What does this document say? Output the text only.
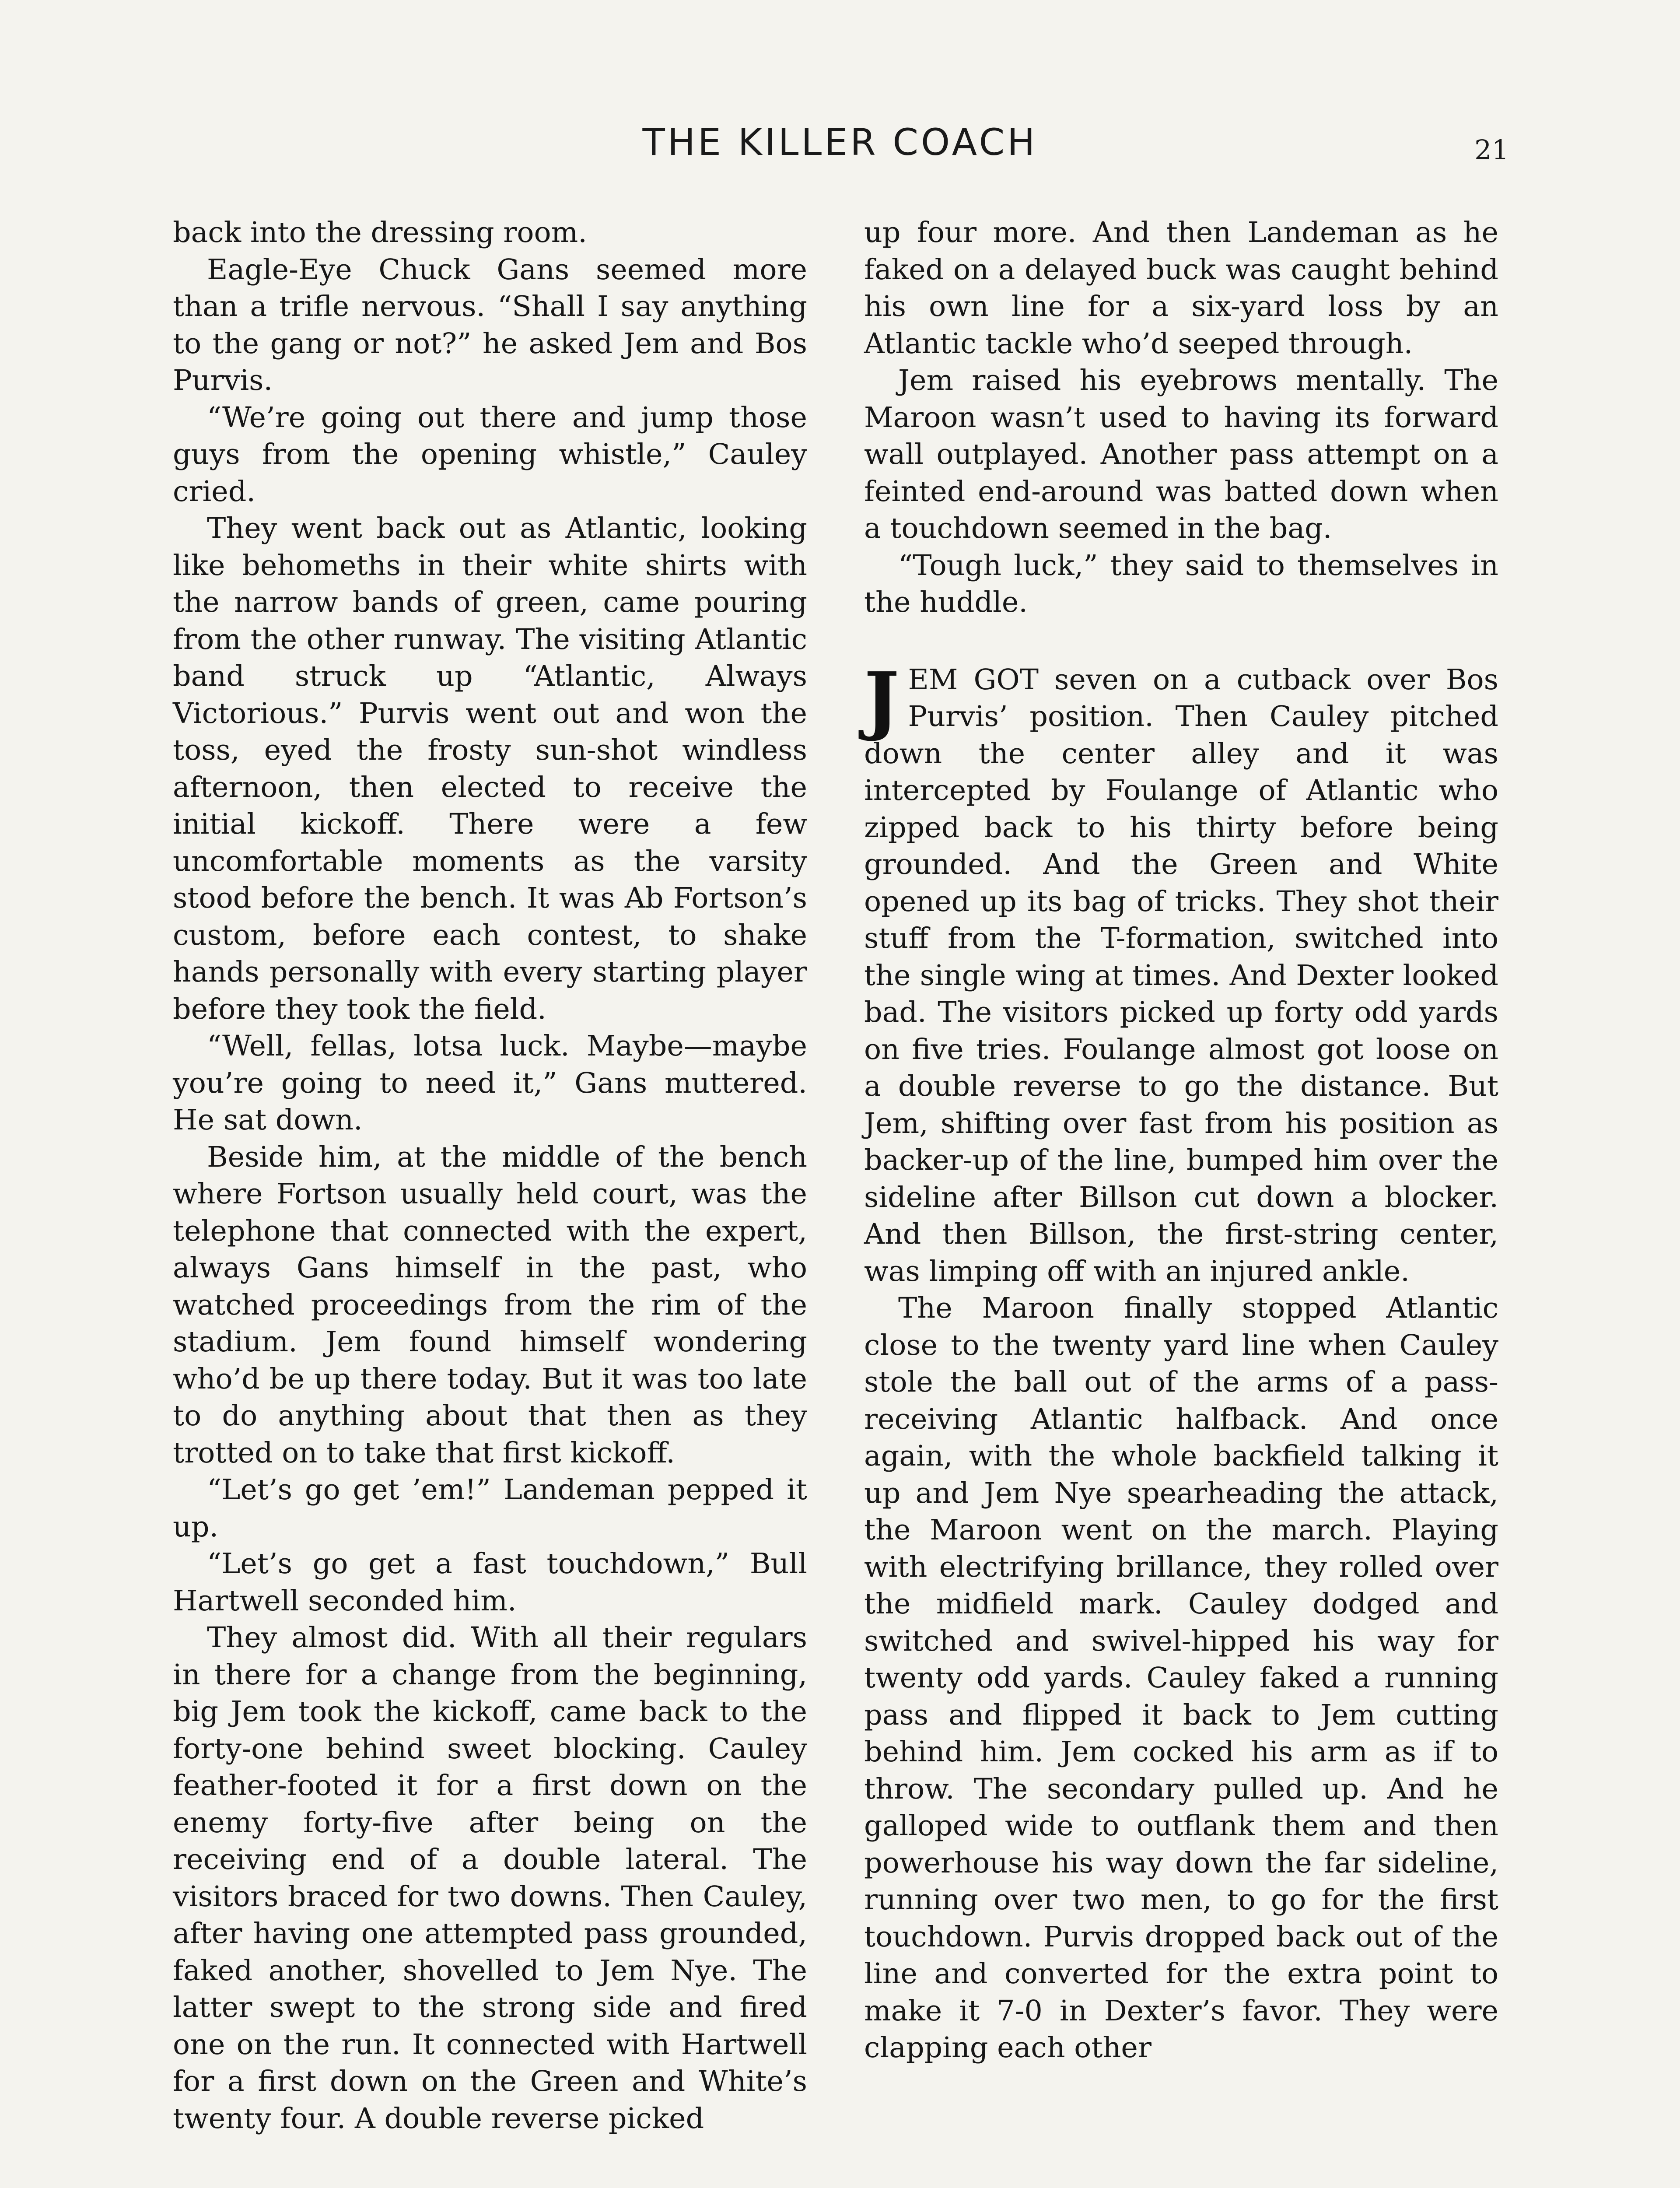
THE KILLER COACH	21

back into the dressing room.

Eagle-Eye Chuck Gans seemed more than a trifle nervous. “Shall I say anything to the gang or not?” he asked Jem and Bos Purvis.

“We’re going out there and jump those guys from the opening whistle,” Cauley cried.

They went back out as Atlantic, looking like behomeths in their white shirts with the narrow bands of green, came pouring from the other runway. The visiting Atlantic band struck up “Atlantic, Always Victorious.” Purvis went out and won the toss, eyed the frosty sun-shot windless afternoon, then elected to receive the initial kickoff. There were a few uncomfortable moments as the varsity stood before the bench. It was Ab Fortson’s custom, before each contest, to shake hands personally with every starting player before they took the field.

“Well, fellas, lotsa luck. Maybe—maybe you’re going to need it,” Gans muttered. He sat down.

Beside him, at the middle of the bench where Fortson usually held court, was the telephone that connected with the expert, always Gans himself in the past, who watched proceedings from the rim of the stadium. Jem found himself wondering who’d be up there today. But it was too late to do anything about that then as they trotted on to take that first kickoff.

“Let’s go get ’em!” Landeman pepped it up.

“Let’s go get a fast touchdown,” Bull Hartwell seconded him.

They almost did. With all their regulars in there for a change from the beginning, big Jem took the kickoff, came back to the forty-one behind sweet blocking. Cauley feather-footed it for a first down on the enemy forty-five after being on the receiving end of a double lateral. The visitors braced for two downs. Then Cauley, after having one attempted pass grounded, faked another, shovelled to Jem Nye. The latter swept to the strong side and fired one on the run. It connected with Hartwell for a first down on the Green and White’s twenty four. A double reverse picked

up four more. And then Landeman as he faked on a delayed buck was caught behind his own line for a six-yard loss by an Atlantic tackle who’d seeped through.

Jem raised his eyebrows mentally. The Maroon wasn’t used to having its forward wall outplayed. Another pass attempt on a feinted end-around was batted down when a touchdown seemed in the bag.

“Tough luck,” they said to themselves in the huddle.

JEM GOT seven on a cutback over Bos Purvis’ position. Then Cauley pitched down the center alley and it was intercepted by Foulange of Atlantic who zipped back to his thirty before being grounded. And the Green and White opened up its bag of tricks. They shot their stuff from the T-formation, switched into the single wing at times. And Dexter looked bad. The visitors picked up forty odd yards on five tries. Foulange almost got loose on a double reverse to go the distance. But Jem, shifting over fast from his position as backer-up of the line, bumped him over the sideline after Billson cut down a blocker. And then Billson, the first-string center, was limping off with an injured ankle.

The Maroon finally stopped Atlantic close to the twenty yard line when Cauley stole the ball out of the arms of a pass-receiving Atlantic halfback. And once again, with the whole backfield talking it up and Jem Nye spearheading the attack, the Maroon went on the march. Playing with electrifying brillance, they rolled over the midfield mark. Cauley dodged and switched and swivel-hipped his way for twenty odd yards. Cauley faked a running pass and flipped it back to Jem cutting behind him. Jem cocked his arm as if to throw. The secondary pulled up. And he galloped wide to outflank them and then powerhouse his way down the far sideline, running over two men, to go for the first touchdown. Purvis dropped back out of the line and converted for the extra point to make it 7-0 in Dexter’s favor. They were clapping each other
